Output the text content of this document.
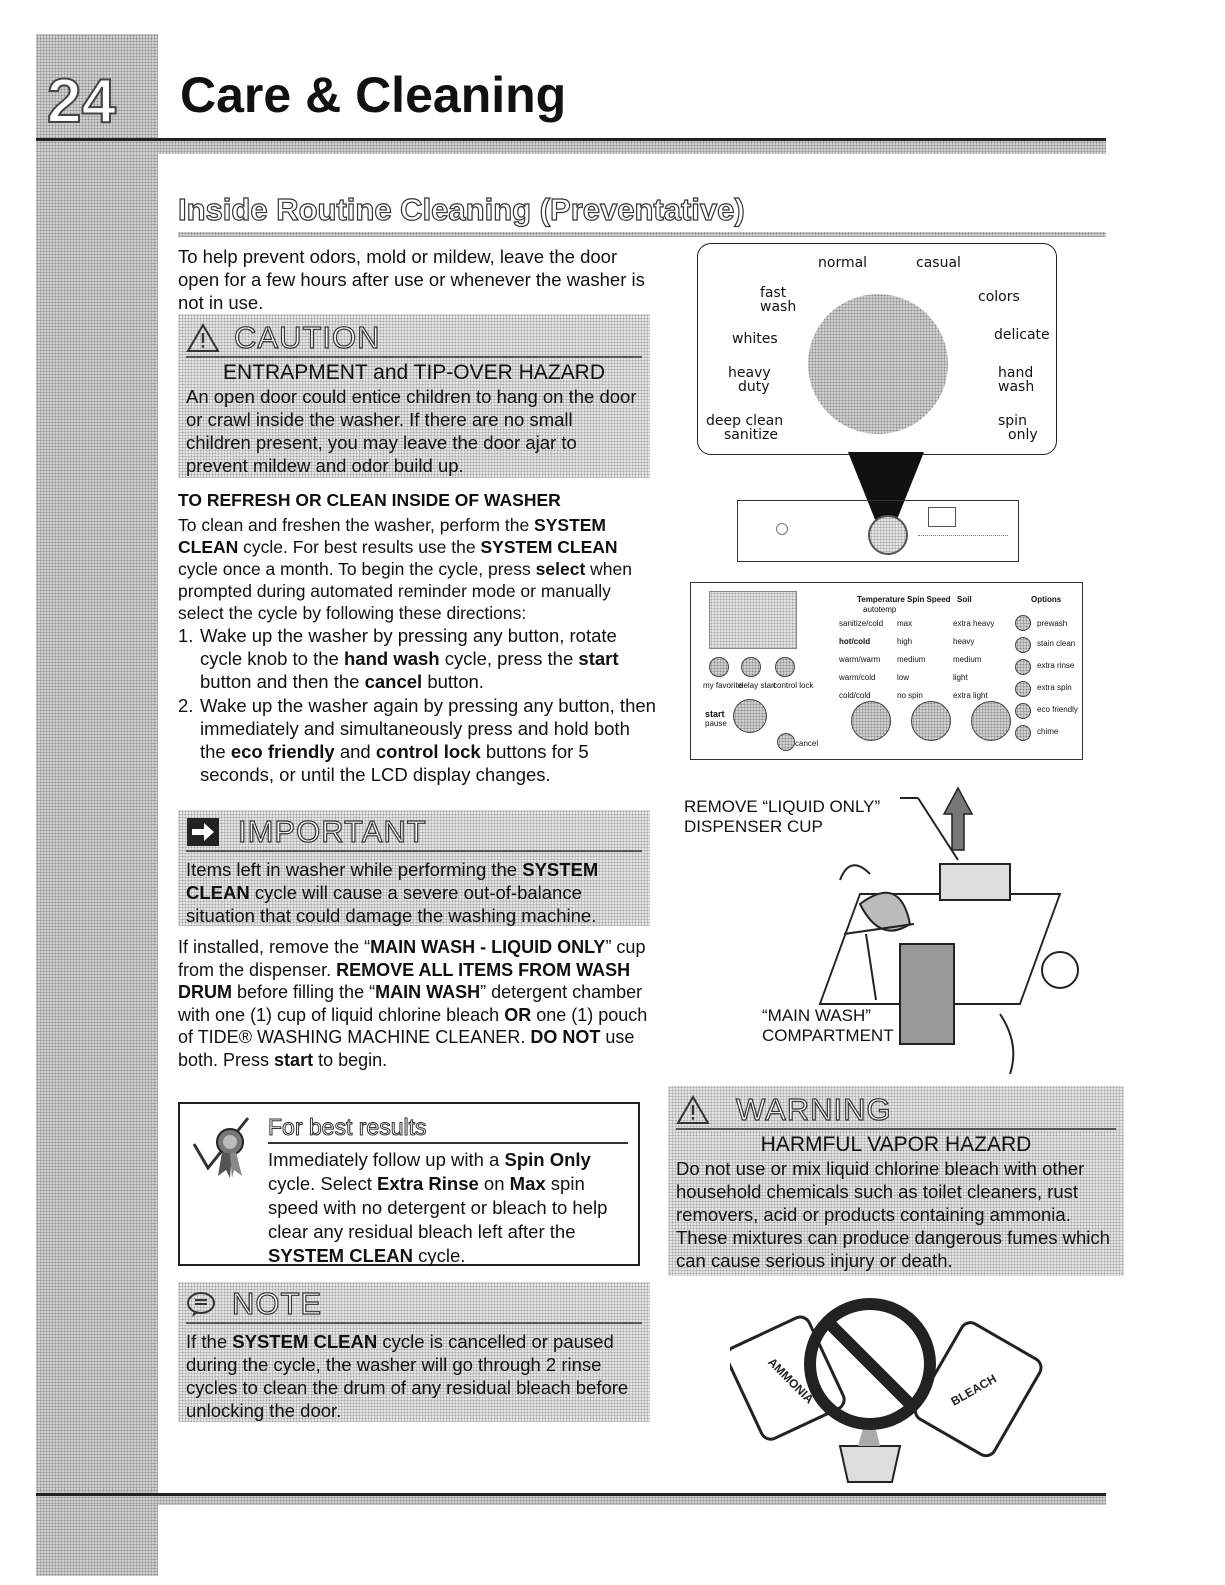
24 Care & Cleaning
Inside Routine Cleaning (Preventative)

To help prevent odors, mold or mildew, leave the door open for a few hours after use or whenever the washer is not in use.

CAUTION
ENTRAPMENT and TIP-OVER HAZARD
An open door could entice children to hang on the door or crawl inside the washer. If there are no small children present, you may leave the door ajar to prevent mildew and odor build up.
TO REFRESH OR CLEAN INSIDE OF WASHER

To clean and freshen the washer, perform the SYSTEM CLEAN cycle. For best results use the SYSTEM CLEAN cycle once a month. To begin the cycle, press select when prompted during automated reminder mode or manually select the cycle by following these directions:

1. Wake up the washer by pressing any button, rotate cycle knob to the hand wash cycle, press the start button and then the cancel button.
2. Wake up the washer again by pressing any button, then immediately and simultaneously press and hold both the eco friendly and control lock buttons for 5 seconds, or until the LCD display changes.
IMPORTANT
Items left in washer while performing the SYSTEM CLEAN cycle will cause a severe out-of-balance situation that could damage the washing machine.

If installed, remove the “MAIN WASH - LIQUID ONLY” cup from the dispenser. REMOVE ALL ITEMS FROM WASH DRUM before filling the “MAIN WASH” detergent chamber with one (1) cup of liquid chlorine bleach OR one (1) pouch of TIDE® WASHING MACHINE CLEANER. DO NOT use both. Press start to begin.

For best results
Immediately follow up with a Spin Only cycle. Select Extra Rinse on Max spin speed with no detergent or bleach to help clear any residual bleach left after the SYSTEM CLEAN cycle.
NOTE
If the SYSTEM CLEAN cycle is cancelled or paused during the cycle, the washer will go through 2 rinse cycles to clean the drum of any residual bleach before unlocking the door.
normal	casual
fast
wash
colors
whites	delicate
heavy
duty
hand
wash
deep clean
sanitize
spin
only
Temperature
autotemp
Spin Speed Soil	Options
sanitize/cold
hot/cold
warm/warm
warm/cold
cold/cold
max
high
medium
low
no spin
extra heavy
heavy
medium
light
extra light
prewash
stain clean
extra rinse
extra spin
eco friendly
chime
my favorite
delay start
control lock
start
pause
cancel
REMOVE “LIQUID ONLY”
DISPENSER CUP
“MAIN WASH”
COMPARTMENT
WARNING
HARMFUL VAPOR HAZARD
Do not use or mix liquid chlorine bleach with other household chemicals such as toilet cleaners, rust removers, acid or products containing ammonia. These mixtures can produce dangerous fumes which can cause serious injury or death.
AMMONIA	BLEACH
